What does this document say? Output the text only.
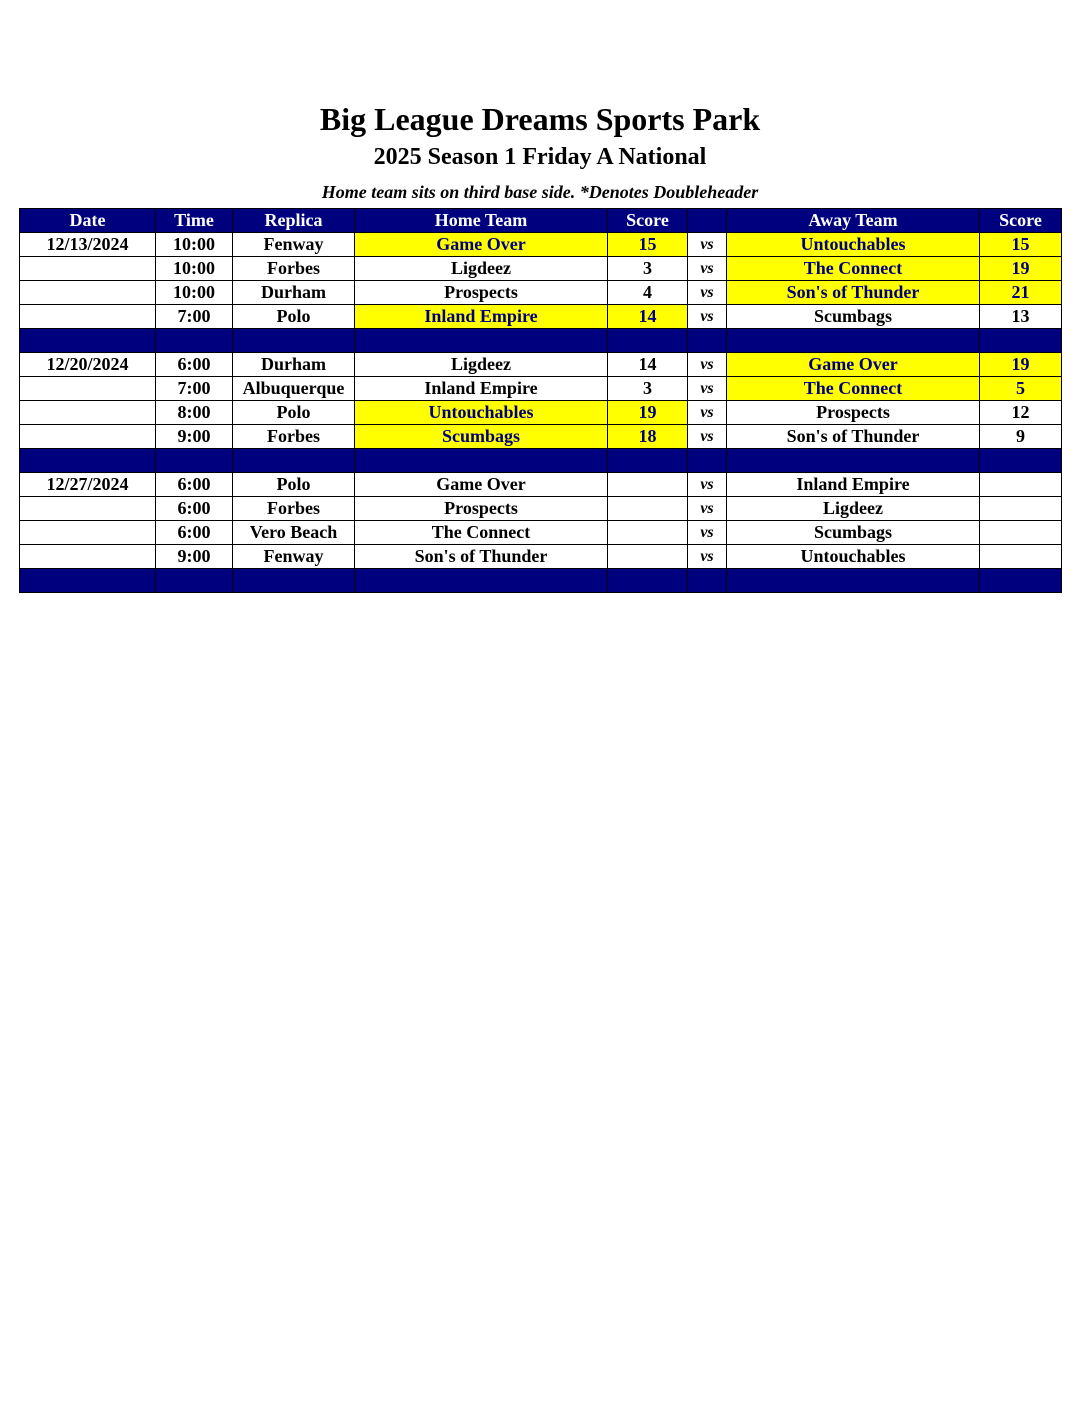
Big League Dreams Sports Park
2025 Season 1 Friday A National
Home team sits on third base side. *Denotes Doubleheader
Date	Time	Replica	Home Team	Score		Away Team	Score
12/13/2024	10:00	Fenway	Game Over	15	vs	Untouchables	15
	10:00	Forbes	Ligdeez	3	vs	The Connect	19
	10:00	Durham	Prospects	4	vs	Son's of Thunder	21
	7:00	Polo	Inland Empire	14	vs	Scumbags	13

12/20/2024	6:00	Durham	Ligdeez	14	vs	Game Over	19
	7:00	Albuquerque	Inland Empire	3	vs	The Connect	5
	8:00	Polo	Untouchables	19	vs	Prospects	12
	9:00	Forbes	Scumbags	18	vs	Son's of Thunder	9

12/27/2024	6:00	Polo	Game Over		vs	Inland Empire	
	6:00	Forbes	Prospects		vs	Ligdeez	
	6:00	Vero Beach	The Connect		vs	Scumbags	
	9:00	Fenway	Son's of Thunder		vs	Untouchables	
